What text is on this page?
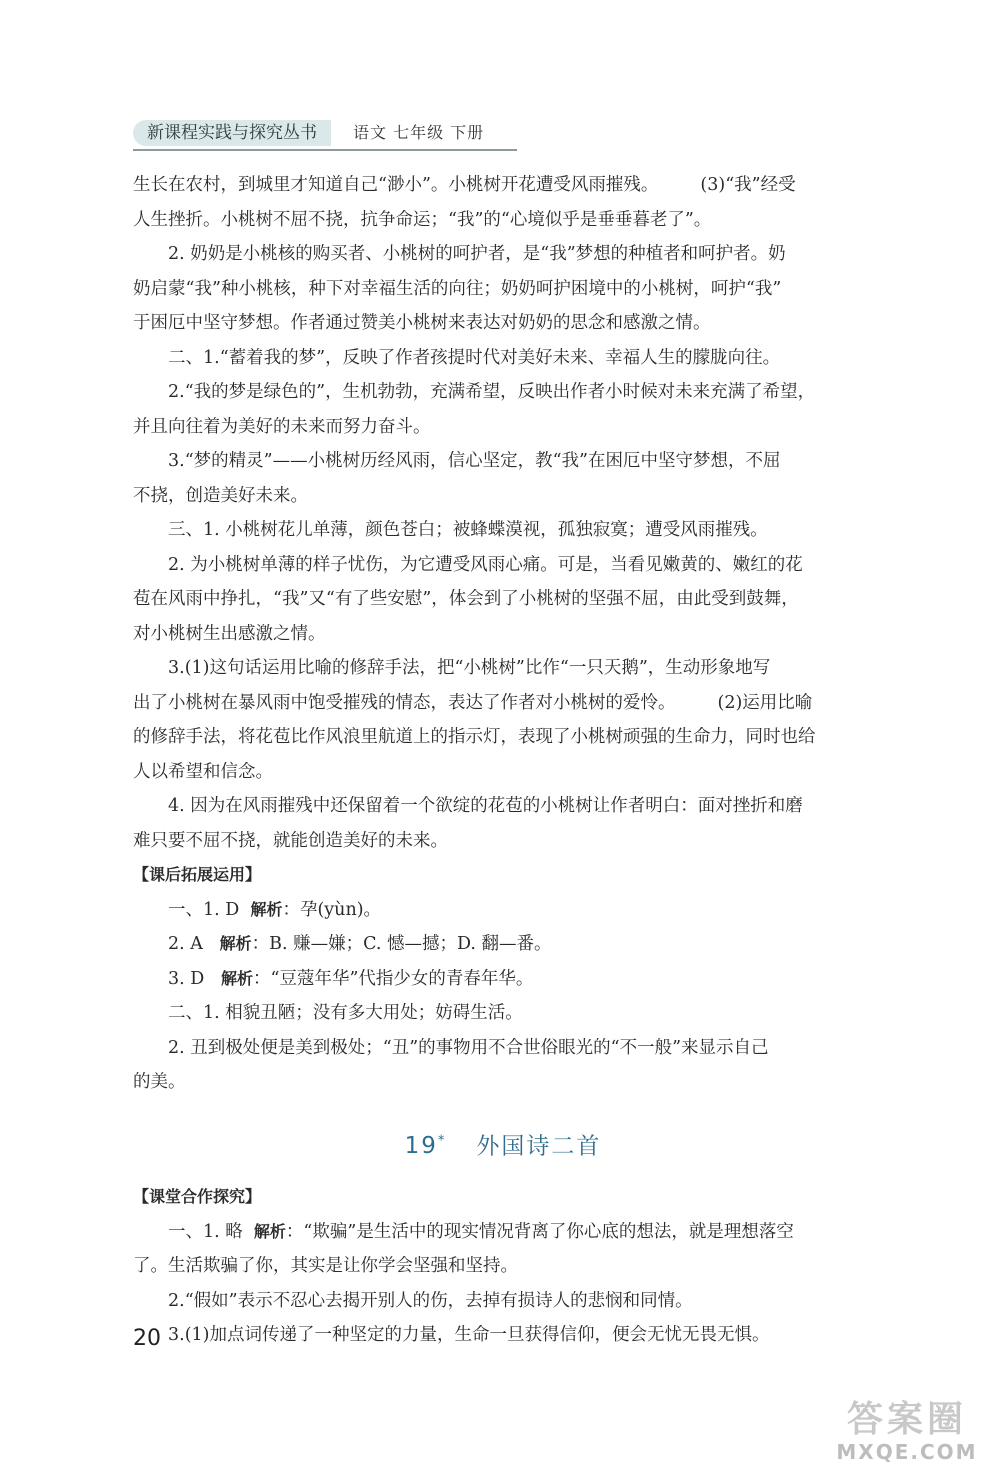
新课程实践与探究丛书	语文 七年级 下册

生长在农村，到城里才知道自己“渺小”。小桃树开花遭受风雨摧残。 (3)“我”经受

人生挫折。小桃树不屈不挠，抗争命运；“我”的“心境似乎是垂垂暮老了”。

2. 奶奶是小桃核的购买者、小桃树的呵护者，是“我”梦想的种植者和呵护者。奶

奶启蒙“我”种小桃核，种下对幸福生活的向往；奶奶呵护困境中的小桃树，呵护“我”

于困厄中坚守梦想。作者通过赞美小桃树来表达对奶奶的思念和感激之情。

二、1.“蓄着我的梦”，反映了作者孩提时代对美好未来、幸福人生的朦胧向往。

2.“我的梦是绿色的”，生机勃勃，充满希望，反映出作者小时候对未来充满了希望，

并且向往着为美好的未来而努力奋斗。

3.“梦的精灵”——小桃树历经风雨，信心坚定，教“我”在困厄中坚守梦想，不屈

不挠，创造美好未来。

三、1. 小桃树花儿单薄，颜色苍白；被蜂蝶漠视，孤独寂寞；遭受风雨摧残。

2. 为小桃树单薄的样子忧伤，为它遭受风雨心痛。可是，当看见嫩黄的、嫩红的花

苞在风雨中挣扎，“我”又“有了些安慰”，体会到了小桃树的坚强不屈，由此受到鼓舞，

对小桃树生出感激之情。

3.(1)这句话运用比喻的修辞手法，把“小桃树”比作“一只天鹅”，生动形象地写

出了小桃树在暴风雨中饱受摧残的情态，表达了作者对小桃树的爱怜。 (2)运用比喻

的修辞手法，将花苞比作风浪里航道上的指示灯，表现了小桃树顽强的生命力，同时也给

人以希望和信念。

4. 因为在风雨摧残中还保留着一个欲绽的花苞的小桃树让作者明白：面对挫折和磨

难只要不屈不挠，就能创造美好的未来。

【课后拓展运用】

一、1. D 解析：孕(yùn)。

2. A 解析：B. 赚—嫌；C. 憾—撼；D. 翻—番。

3. D 解析：“豆蔻年华”代指少女的青春年华。

二、1. 相貌丑陋；没有多大用处；妨碍生活。

2. 丑到极处便是美到极处；“丑”的事物用不合世俗眼光的“不一般”来显示自己

的美。

19* 外国诗二首

【课堂合作探究】

一、1. 略 解析：“欺骗”是生活中的现实情况背离了你心底的想法，就是理想落空

了。生活欺骗了你，其实是让你学会坚强和坚持。

2.“假如”表示不忍心去揭开别人的伤，去掉有损诗人的悲悯和同情。

3.(1)加点词传递了一种坚定的力量，生命一旦获得信仰，便会无忧无畏无惧。

20
答案圈
MXQE.COM
